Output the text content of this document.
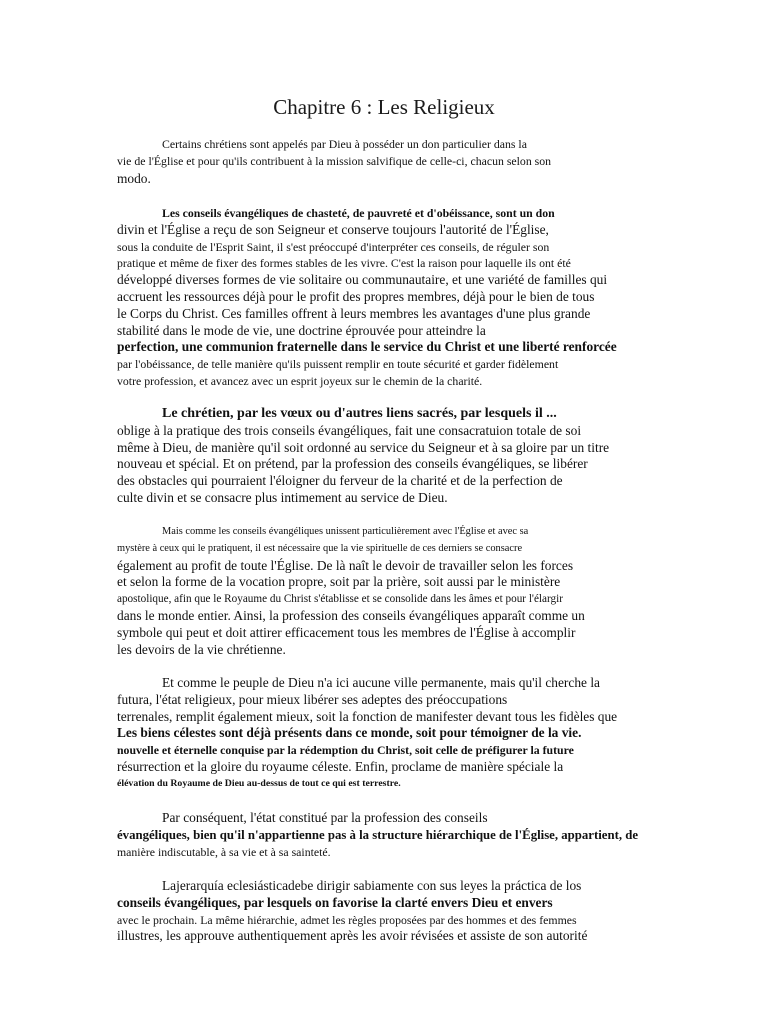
Chapitre 6 : Les Religieux
Certains chrétiens sont appelés par Dieu à posséder un don particulier dans la
vie de l'Église et pour qu'ils contribuent à la mission salvifique de celle-ci, chacun selon son
modo.
Les conseils évangéliques de chasteté, de pauvreté et d'obéissance, sont un don
divin et l'Église a reçu de son Seigneur et conserve toujours l'autorité de l'Église,
sous la conduite de l'Esprit Saint, il s'est préoccupé d'interpréter ces conseils, de réguler son
pratique et même de fixer des formes stables de les vivre. C'est la raison pour laquelle ils ont été
développé diverses formes de vie solitaire ou communautaire, et une variété de familles qui
accruent les ressources déjà pour le profit des propres membres, déjà pour le bien de tous
le Corps du Christ. Ces familles offrent à leurs membres les avantages d'une plus grande
stabilité dans le mode de vie, une doctrine éprouvée pour atteindre la
perfection, une communion fraternelle dans le service du Christ et une liberté renforcée
par l'obéissance, de telle manière qu'ils puissent remplir en toute sécurité et garder fidèlement
votre profession, et avancez avec un esprit joyeux sur le chemin de la charité.
Le chrétien, par les vœux ou d'autres liens sacrés, par lesquels il ...
oblige à la pratique des trois conseils évangéliques, fait une consacratuion totale de soi
même à Dieu, de manière qu'il soit ordonné au service du Seigneur et à sa gloire par un titre
nouveau et spécial. Et on prétend, par la profession des conseils évangéliques, se libérer
des obstacles qui pourraient l'éloigner du ferveur de la charité et de la perfection de
culte divin et se consacre plus intimement au service de Dieu.
Mais comme les conseils évangéliques unissent particulièrement avec l'Église et avec sa
mystère à ceux qui le pratiquent, il est nécessaire que la vie spirituelle de ces derniers se consacre
également au profit de toute l'Église. De là naît le devoir de travailler selon les forces
et selon la forme de la vocation propre, soit par la prière, soit aussi par le ministère
apostolique, afin que le Royaume du Christ s'établisse et se consolide dans les âmes et pour l'élargir
dans le monde entier. Ainsi, la profession des conseils évangéliques apparaît comme un
symbole qui peut et doit attirer efficacement tous les membres de l'Église à accomplir
les devoirs de la vie chrétienne.
Et comme le peuple de Dieu n'a ici aucune ville permanente, mais qu'il cherche la
futura, l'état religieux, pour mieux libérer ses adeptes des préoccupations
terrenales, remplit également mieux, soit la fonction de manifester devant tous les fidèles que
Les biens célestes sont déjà présents dans ce monde, soit pour témoigner de la vie.
nouvelle et éternelle conquise par la rédemption du Christ, soit celle de préfigurer la future
résurrection et la gloire du royaume céleste. Enfin, proclame de manière spéciale la
élévation du Royaume de Dieu au-dessus de tout ce qui est terrestre.
Par conséquent, l'état constitué par la profession des conseils
évangéliques, bien qu'il n'appartienne pas à la structure hiérarchique de l'Église, appartient, de
manière indiscutable, à sa vie et à sa sainteté.
Lajerarquía eclesiásticadebe dirigir sabiamente con sus leyes la práctica de los
conseils évangéliques, par lesquels on favorise la clarté envers Dieu et envers
avec le prochain. La même hiérarchie, admet les règles proposées par des hommes et des femmes
illustres, les approuve authentiquement après les avoir révisées et assiste de son autorité
